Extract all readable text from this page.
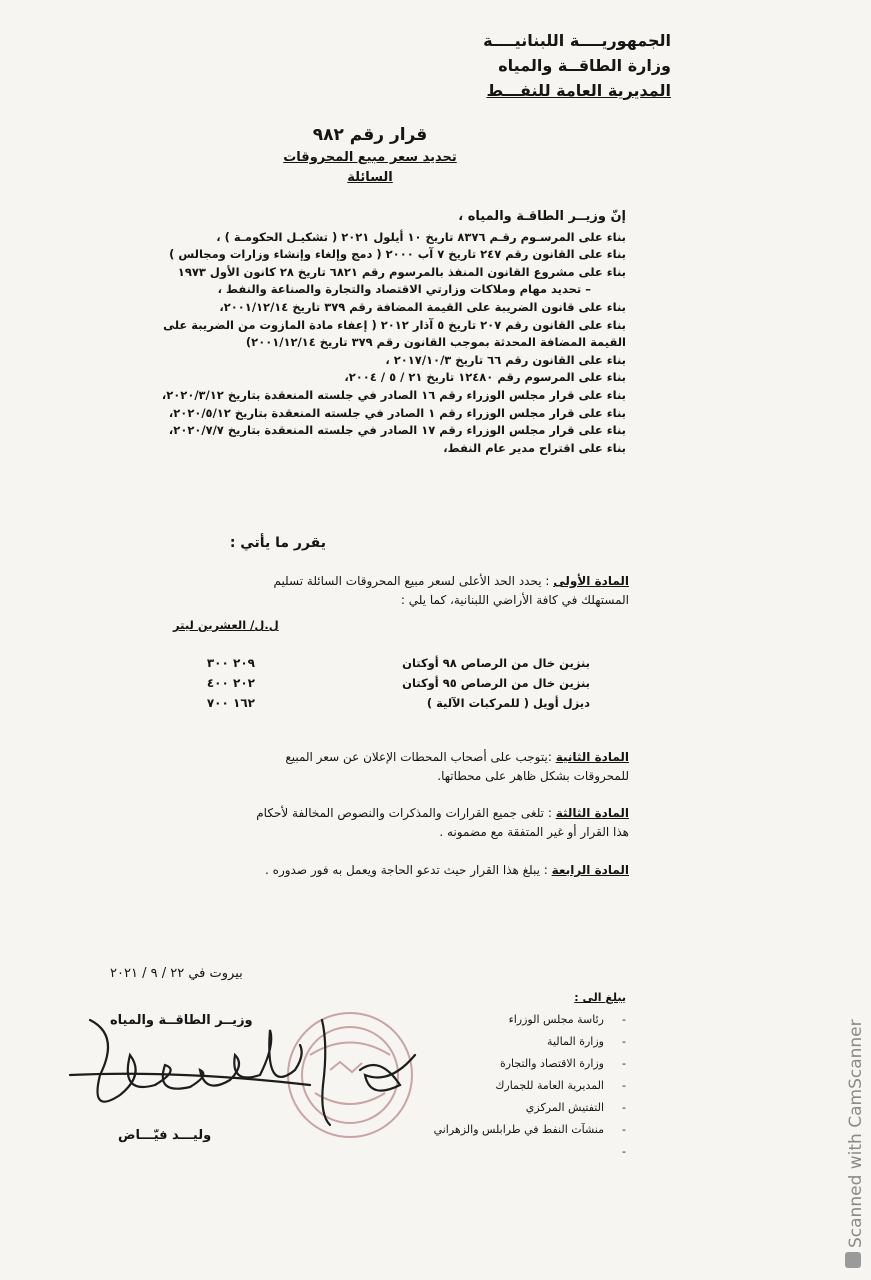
الجمهوريــــة اللبنانيــــة
وزارة الطاقــة والمياه
المديرية العامة للنفـــط
قرار رقم ٩٨٢
تحديد سعر مبيع المحروقات السائلة
إنّ وزيــر الطاقـة والمياه ،
بناء على المرسـوم رقـم ٨٣٧٦ تاريخ ١٠ أيلول ٢٠٢١ ( تشكيـل الحكومـة ) ،
بناء على القانون رقم ٢٤٧ تاريخ ٧ آب ٢٠٠٠ ( دمج وإلغاء وإنشاء وزارات ومجالس )
بناء على مشروع القانون المنفذ بالمرسوم رقم ٦٨٢١ تاريخ ٢٨ كانون الأول ١٩٧٣
– تحديد مهام وملاكات وزارتي الاقتصاد والتجارة والصناعة والنفط ،
بناء على قانون الضريبة على القيمة المضافة رقم ٣٧٩ تاريخ ٢٠٠١/١٢/١٤،
بناء على القانون رقم ٢٠٧ تاريخ ٥ آذار ٢٠١٢ ( إعفاء مادة المازوت من الضريبة على
القيمة المضافة المحدثة بموجب القانون رقم ٣٧٩ تاريخ ٢٠٠١/١٢/١٤)
بناء على القانون رقم ٦٦ تاريخ ٢٠١٧/١٠/٣ ،
بناء على المرسوم رقم ١٢٤٨٠ تاريخ ٢١ / ٥ / ٢٠٠٤،
بناء على قرار مجلس الوزراء رقم ١٦ الصادر في جلسته المنعقدة بتاريخ ٢٠٢٠/٣/١٢،
بناء على قرار مجلس الوزراء رقم ١ الصادر في جلسته المنعقدة بتاريخ ٢٠٢٠/٥/١٢،
بناء على قرار مجلس الوزراء رقم ١٧ الصادر في جلسته المنعقدة بتاريخ ٢٠٢٠/٧/٧،
بناء على اقتراح مدير عام النفط،
يقرر ما يأتي :
المادة الأولى : يحدد الحد الأعلى لسعر مبيع المحروقات السائلة تسليم المستهلك في كافة الأراضي اللبنانية، كما يلي :
ل.ل/ العشرين ليتر
بنزين خال من الرصاص ٩٨ أوكتان
٢٠٩ ٣٠٠
بنزين خال من الرصاص ٩٥ أوكتان
٢٠٢ ٤٠٠
ديزل أويل ( للمركبات الآلية )
١٦٢ ٧٠٠
المادة الثانية :يتوجب على أصحاب المحطات الإعلان عن سعر المبيع للمحروقات بشكل ظاهر على محطاتها.
المادة الثالثة : تلغى جميع القرارات والمذكرات والنصوص المخالفة لأحكام هذا القرار أو غير المتفقة مع مضمونه .
المادة الرابعة : يبلغ هذا القرار حيث تدعو الحاجة ويعمل به فور صدوره .
بيروت في ٢٢ / ٩ / ٢٠٢١
وزيــر الطاقــة والمياه
وليـــد فيّـــاض
يبلغ الى :
- رئاسة مجلس الوزراء
- وزارة المالية
- وزارة الاقتصاد والتجارة
- المديرية العامة للجمارك
- التفتيش المركزي
- منشآت النفط في طرابلس والزهراني
-	Scanned with CamScanner
